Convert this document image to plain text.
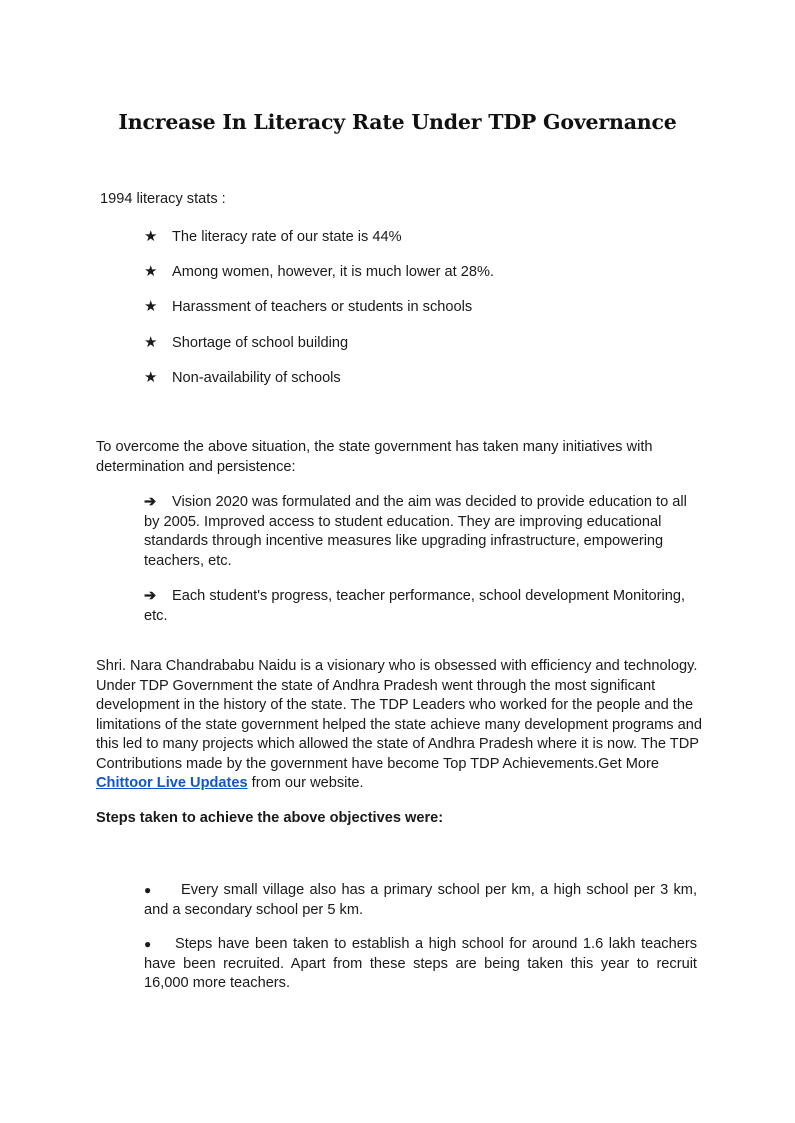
Increase In Literacy Rate Under TDP Governance
1994 literacy stats :
★ The literacy rate of our state is 44%
★ Among women, however, it is much lower at 28%.
★ Harassment of teachers or students in schools
★ Shortage of school building
★ Non-availability of schools
To overcome the above situation, the state government has taken many initiatives with determination and persistence:
➔ Vision 2020 was formulated and the aim was decided to provide education to all by 2005. Improved access to student education. They are improving educational standards through incentive measures like upgrading infrastructure, empowering teachers, etc.
➔ Each student's progress, teacher performance, school development Monitoring, etc.
Shri. Nara Chandrababu Naidu is a visionary who is obsessed with efficiency and technology. Under TDP Government the state of Andhra Pradesh went through the most significant development in the history of the state. The TDP Leaders who worked for the people and the limitations of the state government helped the state achieve many development programs and this led to many projects which allowed the state of Andhra Pradesh where it is now. The TDP Contributions made by the government have become Top TDP Achievements.Get More Chittoor Live Updates from our website.
Steps taken to achieve the above objectives were:
● Every small village also has a primary school per km, a high school per 3 km, and a secondary school per 5 km.
● Steps have been taken to establish a high school for around 1.6 lakh teachers have been recruited. Apart from these steps are being taken this year to recruit 16,000 more teachers.
